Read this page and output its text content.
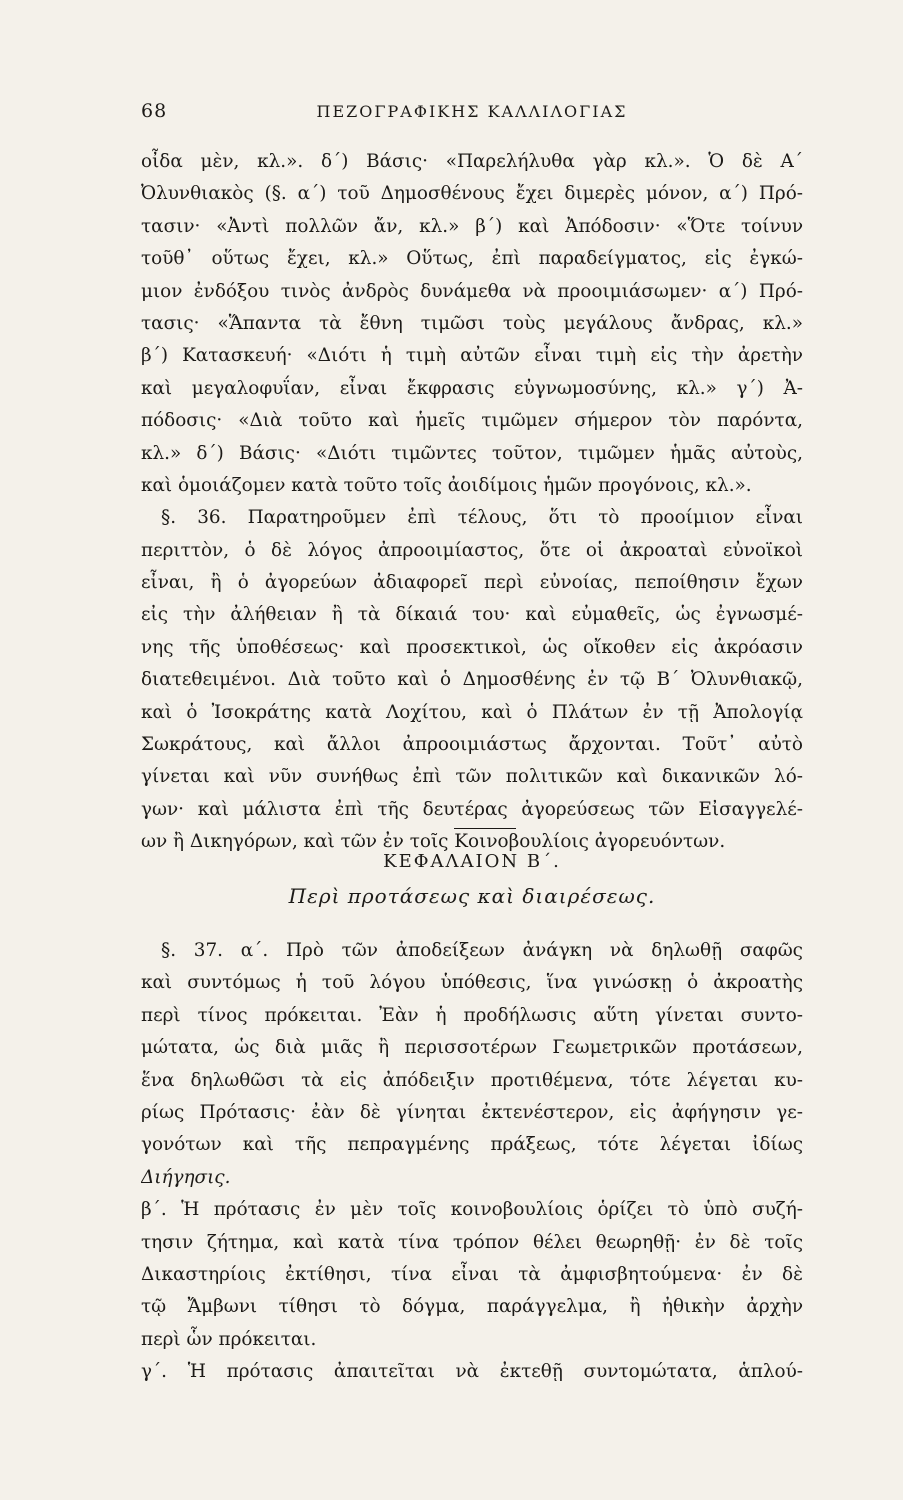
68	ΠΕΖΟΓΡΑΦΙΚΗΣ ΚΑΛΛΙΛΟΓΙΑΣ
οἶδα μὲν, κλ.». δ΄) Βάσις· «Παρελήλυθα γὰρ κλ.». Ὁ δὲ Α΄
Ὀλυνθιακὸς (§. α΄) τοῦ Δημοσθένους ἔχει διμερὲς μόνον, α΄) Πρό-
τασιν· «Ἀντὶ πολλῶν ἄν, κλ.» β΄) καὶ Ἀπόδοσιν· «Ὅτε τοίνυν
τοῦθ᾽ οὕτως ἔχει, κλ.» Οὕτως, ἐπὶ παραδείγματος, εἰς ἐγκώ-
μιον ἐνδόξου τινὸς ἀνδρὸς δυνάμεθα νὰ προοιμιάσωμεν· α΄) Πρό-
τασις· «Ἅπαντα τὰ ἔθνη τιμῶσι τοὺς μεγάλους ἄνδρας, κλ.»
β΄) Κατασκευή· «Διότι ἡ τιμὴ αὐτῶν εἶναι τιμὴ εἰς τὴν ἀρετὴν
καὶ μεγαλοφυΐαν, εἶναι ἔκφρασις εὐγνωμοσύνης, κλ.» γ΄) Ἀ-
πόδοσις· «Διὰ τοῦτο καὶ ἡμεῖς τιμῶμεν σήμερον τὸν παρόντα,
κλ.» δ΄) Βάσις· «Διότι τιμῶντες τοῦτον, τιμῶμεν ἡμᾶς αὐτοὺς,
καὶ ὁμοιάζομεν κατὰ τοῦτο τοῖς ἀοιδίμοις ἡμῶν προγόνοις, κλ.».
§. 36. Παρατηροῦμεν ἐπὶ τέλους, ὅτι τὸ προοίμιον εἶναι
περιττὸν, ὁ δὲ λόγος ἀπροοιμίαστος, ὅτε οἱ ἀκροαταὶ εὐνοϊκοὶ
εἶναι, ἢ ὁ ἀγορεύων ἀδιαφορεῖ περὶ εὐνοίας, πεποίθησιν ἔχων
εἰς τὴν ἀλήθειαν ἢ τὰ δίκαιά του· καὶ εὐμαθεῖς, ὡς ἐγνωσμέ-
νης τῆς ὑποθέσεως· καὶ προσεκτικοὶ, ὡς οἴκοθεν εἰς ἀκρόασιν
διατεθειμένοι. Διὰ τοῦτο καὶ ὁ Δημοσθένης ἐν τῷ Β΄ Ὀλυνθιακῷ,
καὶ ὁ Ἰσοκράτης κατὰ Λοχίτου, καὶ ὁ Πλάτων ἐν τῇ Ἀπολογίᾳ
Σωκράτους, καὶ ἄλλοι ἀπροοιμιάστως ἄρχονται. Τοῦτ᾽ αὐτὸ
γίνεται καὶ νῦν συνήθως ἐπὶ τῶν πολιτικῶν καὶ δικανικῶν λό-
γων· καὶ μάλιστα ἐπὶ τῆς δευτέρας ἀγορεύσεως τῶν Εἰσαγγελέ-
ων ἢ Δικηγόρων, καὶ τῶν ἐν τοῖς Κοινοβουλίοις ἀγορευόντων.
ΚΕΦΑΛΑΙΟΝ Β΄.
Περὶ προτάσεως καὶ διαιρέσεως.
§. 37. α΄. Πρὸ τῶν ἀποδείξεων ἀνάγκη νὰ δηλωθῇ σαφῶς
καὶ συντόμως ἡ τοῦ λόγου ὑπόθεσις, ἵνα γινώσκῃ ὁ ἀκροατὴς
περὶ τίνος πρόκειται. Ἐὰν ἡ προδήλωσις αὕτη γίνεται συντο-
μώτατα, ὡς διὰ μιᾶς ἢ περισσοτέρων Γεωμετρικῶν προτάσεων,
ἕνα δηλωθῶσι τὰ εἰς ἀπόδειξιν προτιθέμενα, τότε λέγεται κυ-
ρίως Πρότασις· ἐὰν δὲ γίνηται ἐκτενέστερον, εἰς ἀφήγησιν γε-
γονότων καὶ τῆς πεπραγμένης πράξεως, τότε λέγεται ἰδίως
Διήγησις.
β΄. Ἡ πρότασις ἐν μὲν τοῖς κοινοβουλίοις ὁρίζει τὸ ὑπὸ συζή-
τησιν ζήτημα, καὶ κατὰ τίνα τρόπον θέλει θεωρηθῇ· ἐν δὲ τοῖς
Δικαστηρίοις ἐκτίθησι, τίνα εἶναι τὰ ἀμφισβητούμενα· ἐν δὲ
τῷ Ἄμβωνι τίθησι τὸ δόγμα, παράγγελμα, ἢ ἠθικὴν ἀρχὴν
περὶ ὧν πρόκειται.
γ΄. Ἡ πρότασις ἀπαιτεῖται νὰ ἐκτεθῇ συντομώτατα, ἁπλού-
